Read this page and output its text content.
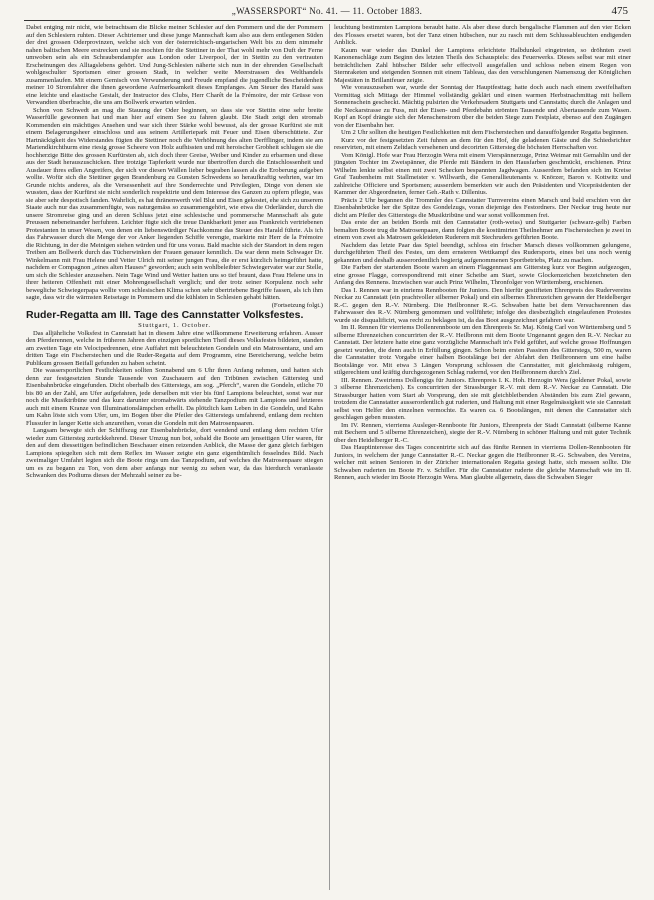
„WASSERSPORT“ No. 41. — 11. October 1883.	475

Dabei entging mir nicht, wie betrachtsam die Blicke meiner Schlesier auf den Pommern und die der Pommern auf den Schlesiern ruhten. Dieser Achtriemer und diese junge Mannschaft kam also aus dem entlegenen Süden der drei grossen Oderprovinzen, welche sich von der österreichisch-ungarischen Welt bis zu dem nimmehr nahen baltischen Meere erstrecken und sie mochten für die Stettiner in der That wohl mehr von Duft der Ferne umwoben sein als ein Schraubendampfer aus London oder Liverpool, der in Stettin zu den vertrauten Erscheinungen des Alltagslebens gehört. Und Jung-Schlesien näherte sich nun in der ehrenden Gesellschaft wohlgeschulter Sportsmen einer grossen Stadt, in welcher weite Meerstrassen des Welthandels zusammenlaufen. Mit einem Gemisch von Verwunderung und Freude empfand die jugendliche Bescheidenheit meiner 10 Stromfahrer die ihnen gewordene Aufmerksamkeit dieses Empfanges. Am Steuer des Harald sass eine leichte und elastische Gestalt, der Instructor des Clubs, Herr Charêt de la Frémoire, der mir Grüsse von Verwandten überbrachte, die uns am Bollwerk erwarten würden.

Schon von Schwedt an mag die Stauung der Oder beginnen, so dass sie vor Stettin eine sehr breite Wasserfülle gewonnen hat und man hier auf einem See zu fahren glaubt. Die Stadt zeigt den stromab Kommenden ein mächtiges Ansehen und war sich ihrer Stärke wohl bewusst, als der grosse Kurfürst sie mit einem Belagerungsheer einschloss und aus seinem Artilleriepark mit Feuer und Eisen überschüttete. Zur Hartnäckigkeit des Widerstandes fügten die Stettiner noch die Verhöhnung des alten Derfflinger, indem sie am Mariendkirchthurm eine riesig grosse Scheere von Holz aufhissten und mit heroischer Grobheit schlugen sie die hochherzige Bitte des grossen Kurfürsten ab, sich doch ihrer Greise, Weiber und Kinder zu erbarmen und diese aus der Stadt herauszuschicken. Ihre trotzige Tapferkeit wurde nur übertroffen durch die Entschlossenheit und Ausdauer ihres edlen Angreifers, der sich vor diesen Wällen lieber begraben lassen als die Eroberung aufgeben wollte. Wofür sich die Stettiner gegen Brandenburg zu Gunsten Schwedens so heraufkraftig wehrten, war im Grunde nichts anderes, als die Versessenheit auf ihre Sonderrechte und Privilegien, Dinge von denen sie wussten, dass der Kurfürst sie nicht sonderlich respektirte und dem Interesse des Ganzen zu opfern pflegte, was sie aber sehr despotisch fanden. Wahrlich, es hat thränenwerth viel Blut und Eisen gekostet, ehe sich zu unserem Staate auch nur das zusammenfügte, was naturgemäss so zusammengehört, wie etwa die Oderländer, durch die unsere Stromreise ging und an deren Schluss jetzt eine schlesische und pommersche Mannschaft als gute Preussen nebeneinander herfuhren. Leichter fügte sich die treue Dankbarkeit jener aus Frankreich vertriebenen Protestanten in unser Wesen, von denen ein liebenswürdiger Nachkomme das Steuer des Harald führte. Als ich das Fahrwasser durch die Menge der vor Anker liegenden Schiffe verengte, markirte mir Herr de la Frémoire die Richtung, in der die Meinigen stehen würden und für uns vorau. Bald machte sich der Standort in dem regen Treiben am Bollwerk durch das Tücherwinken der Frauen genauer kenntlich. Da war denn mein Schwager Dr. Winkelmann mit Frau Helene und Vetter Ulrich mit seiner jungen Frau, die er erst kürzlich heimgeführt hatte, nachdem er Compagnon „eines alten Hauses“ geworden; auch sein wohlbeleibter Schwiegervater war zur Stelle, um sich die Schlesier anzusehen. Nein Tage Wind und Wetter hatten uns so tief braunt, dass Frau Helene uns in ihrer heiteren Offenheit mit einer Mohrengesellschaft verglich; und der trotz seiner Korpulenz noch sehr bewegliche Schwiegerpapa wollte vom schlesischen Klima schon sehr übertriebene Begriffe fassen, als ich ihm sagte, dass wir die wärmsten Reisetage in Pommern und die kühlsten in Schlesien gehabt hätten.

(Fortsetzung folgt.)

Ruder-Regatta am III. Tage des Cannstatter Volksfestes.

Stuttgart, 1. October.

Das alljährliche Volksfest in Cannstatt hat in diesem Jahre eine willkommene Erweiterung erfahren. Ausser den Pferderennen, welche in früheren Jahren den einzigen sportlichen Theil dieses Volksfestes bildeten, standen am zweiten Tage ein Velocipedrennen, eine Auffahrt mit beleuchteten Gondeln und ein Matrosentanz, und am dritten Tage ein Fischerstechen und die Ruder-Regatta auf dem Programm, eine Bereicherung, welche beim Publikum grossen Beifall gefunden zu haben scheint.

Die wassersportlichen Festlichkeiten sollten Sonnabend um 6 Uhr ihren Anfang nehmen, und hatten sich denn zur festgesetzten Stunde Tausende von Zuschauern auf den Tribünen zwischen Gittersteg und Eisenbahnbrücke eingefunden. Dicht oberhalb des Gitterstegs, am sog. „Pferch“, waren die Gondeln, etliche 70 bis 80 an der Zahl, am Ufer aufgefahren, jede derselben mit vier bis fünf Lampions beleuchtet, sonst war nur noch die Musiktribüne und das kurz darunter stromabwärts stehende Tanzpodium mit Lampions und letzteres auch mit einem Kranze von Illuminationslämpchen erhellt. Da plötzlich kam Leben in die Gondeln, und Kahn um Kahn löste sich vom Ufer, um, im Bogen über die Pfeiler des Gitterstegs umfahrend, entlang dem rechten Flussufer in langer Kette sich anzureihen, voran die Gondeln mit den Matrosenpaaren.

Langsam bewegte sich der Schiffszug zur Eisenbahnbrücke, dort wendend und entlang dem rechten Ufer wieder zum Gittersteg zurückkehrend. Dieser Umzug nun bot, sobald die Boote am jenseitigen Ufer waren, für den auf dem diesseitigen befindlichen Beschauer einen reizenden Anblick, die Masse der ganz gleich farbigen Lampions spiegelten sich mit dem Reflex im Wasser zeigte ein ganz eigenthümlich fesselndes Bild. Nach zweimaliger Umfahrt legten sich die Boote rings um das Tanzpodium, auf welches die Matrosenpaare stiegen um es zu begann zu Ton, von dem aber anfangs nur wenig zu sehen war, da das hierdurch veranlasste Schwanken des Podiums dieses der Mehrzahl seiner zu be-

leuchtung bestimmten Lampions beraubt hatte. Als aber diese durch bengalische Flammen auf den vier Ecken des Flosses ersetzt waren, bot der Tanz einen hübschen, nur zu rasch mit dem Schlussableuchten endigenden Anblick.

Kaum war wieder das Dunkel der Lampions erleichtete Halbdunkel eingetreten, so dröhnten zwei Kanonenschläge zum Beginn des letzten Theils des Schauspiels: des Feuerwerks. Dieses selbst war mit einer beträchtlichen Zahl hübscher Bilder sehr effectvoll ausgefallen und schloss neben einem Regen von Sternraketen und steigenden Sonnen mit einem Tableau, das den verschlungenen Namenszug der Königlichen Majestäten in Brillantfeuer zeigte.

Wie vorauszusehen war, wurde der Sonntag der Hauptfesttag; hatte doch auch nach einem zweifelhaften Vormittag sich Mittags der Himmel vollständig geklärt und einen warmen Herbstnachmittag mit hellem Sonnenschein gescheckt. Mächtig pulsirten die Verkehrsadern Stuttgarts und Cannstatts; durch die Anlagen und die Neckarstrasse zu Fuss, mit der Eisen- und Pferdebahn strömten Tausende und Abertausende zum Wasen. Kopf an Kopf drängte sich der Menschenstrom über die beiden Stege zum Festplatz, ebenso auf den Zugängen von der Eisenbahn her.

Um 2 Uhr sollten die heutigen Festlichkeiten mit dem Fischerstechen und darauffolgender Regatta beginnen.

Kurz vor der festgesetzten Zeit fuhren an dem für den Hof, die geladenen Gäste und die Schiedsrichter reservirten, mit einem Zeltdach versehenen und decorirten Gittersteg die höchsten Herrschaften vor.

Vom Königl. Hofe war Frau Herzogin Wera mit einem Vierspännerzuge, Prinz Weimar mit Gemahlin und der jüngsten Tochter im Zweispänner, die Pferde mit Bändern in den Hausfarben geschmückt, erschienen. Prinz Wilhelm lenkte selbst einen mit zwei Schecken bespannten Jagdwagen. Ausserdem befanden sich im Kreise Graf Taubenheim mit Stallmeister v. Willwarth, die Generallieutenants v. Knörzer, Baron v. Kottwitz und zahlreiche Officiere und Sportsmen; ausserdem bemerkten wir auch den Präsidenten und Vicepräsidenten der Kammer der Abgeordneten, ferner Geh.-Rath v. Dillenius.

Präcis 2 Uhr begannen die Trommler des Cannstatter Turnvereins einen Marsch und bald erschien von der Eisenbahnbrücke her die Spitze des Gondelzugs, voran diejenige des Festordners. Der Neckar trug heute nur dicht am Pfeiler des Gitterstegs die Musiktribüne und war sonst vollkommen frei.

Das erste der an beiden Bords mit den Cannstatter (roth-weiss) und Stuttgarter (schwarz-gelb) Farben bemalten Boote trug die Matrosenpaare, dann folgten die kostümirten Theilnehmer am Fischerstechen je zwei in einem von zwei als Matrosen gekleideten Ruderern mit Stechruders geführten Boote.

Nachdem das letzte Paar das Spiel beendigt, schloss ein frischer Marsch dieses vollkommen gelungene, durchgeführten Theil des Festes, um dem ernsteren Wettkampf des Rudersports, eines bei uns noch wenig gekannten und deshalb ausserordentlich begierig aufgenommenen Sportbetriebs, Platz zu machen.

Die Farben der startenden Boote waren an einem Flaggenmast am Gittersteg kurz vor Beginn aufgezogen, eine grosse Flagge, correspondirend mit einer Scheibe am Start, sowie Glockenzeichen bezeichneten den Anfang des Rennens. Inzwischen war auch Prinz Wilhelm, Thronfolger von Württemberg, erschienen.

Das I. Rennen war in einriems Rennbooten für Juniors. Den hierfür gestifteten Ehrenpreis des Rudervereins Neckar zu Cannstatt (ein prachtvoller silberner Pokal) und ein silbernes Ehrenzeichen gewann der Heidelberger R.-C. gegen den R.-V. Nürnberg. Die Heilbronner R.-G. Schwaben hatte bei dem Versuchsrennen das Fahrwasser des R.-V. Nürnberg genommen und vollführte; infolge des diesbezüglich eingelaufenen Protestes wurde sie disqualificirt, was recht zu beklagen ist, da das Boot ausgezeichnet gefahren war.

Im II. Rennen für vierriems Dollenrennboote um den Ehrenpreis Sr. Maj. König Carl von Württemberg und 5 silberne Ehrenzeichen concurrirten der R.-V. Heilbronn mit dem Boote Ungenannt gegen den R.-V. Neckar zu Cannstatt. Der letztere hatte eine ganz vorzügliche Mannschaft in's Feld geführt, auf welche grosse Hoffnungen gesetzt wurden, die denn auch in Erfüllung gingen. Schon beim ersten Passiren des Gitterstegs, 500 m, waren die Cannstatter trotz Vorgabe einer halben Bootslänge bei der Abfahrt den Heilbronnern um eine halbe Bootslänge vor. Mit etwa 3 Längen Vorsprung schlossen die Cannstatter, mit gleichmässig ruhigem, stilgerechtem und kräftig durchgezogenen Schlag rudernd, vor den Heilbronnern durch's Ziel.

III. Rennen. Zweiriems Dollengigs für Juniors. Ehrenpreis I. K. Hoh. Herzogin Wera (goldener Pokal, sowie 3 silberne Ehrenzeichen). Es concurrirten der Strassburger R.-V. mit dem R.-V. Neckar zu Cannstatt. Die Strassburger hatten vom Start ab Vorsprung, den sie mit gleichbleibenden Abständen bis zum Ziel gewann, trotzdem die Cannstatter ausserordentlich gut ruderten, und Haltung mit einer Regelmässigkeit wie sie Cannstatt selbst von Helfer den einzelnen vermochte. Es waren ca. 6 Bootslängen, mit denen die Cannstatter sich geschlagen geben mussten.

Im IV. Rennen, vierriems Ausleger-Rennboote für Juniors, Ehrenpreis der Stadt Cannstatt (silberne Kanne mit Bechern und 5 silberne Ehrenzeichen), siegte der R.-V. Nürnberg in schöner Haltung und mit guter Technik über den Heidelberger R.-C.

Das Hauptinteresse des Tages concentrirte sich auf das fünfte Rennen in vierriems Dollen-Rennbooten für Juniors, in welchem der junge Cannstatter R.-C. Neckar gegen die Heilbronner R.-G. Schwaben, des Vereins, welcher mit seinen Senioren in der Züricher internationalen Regatta gesiegt hatte, sich messen sollte. Die Schwaben ruderten im Boote Fr. v. Schiller. Für die Cannstatter ruderte die gleiche Mannschaft wie im II. Rennen, auch wieder im Boote Herzogin Wera. Man glaubte allgemein, dass die Schwaben Sieger
